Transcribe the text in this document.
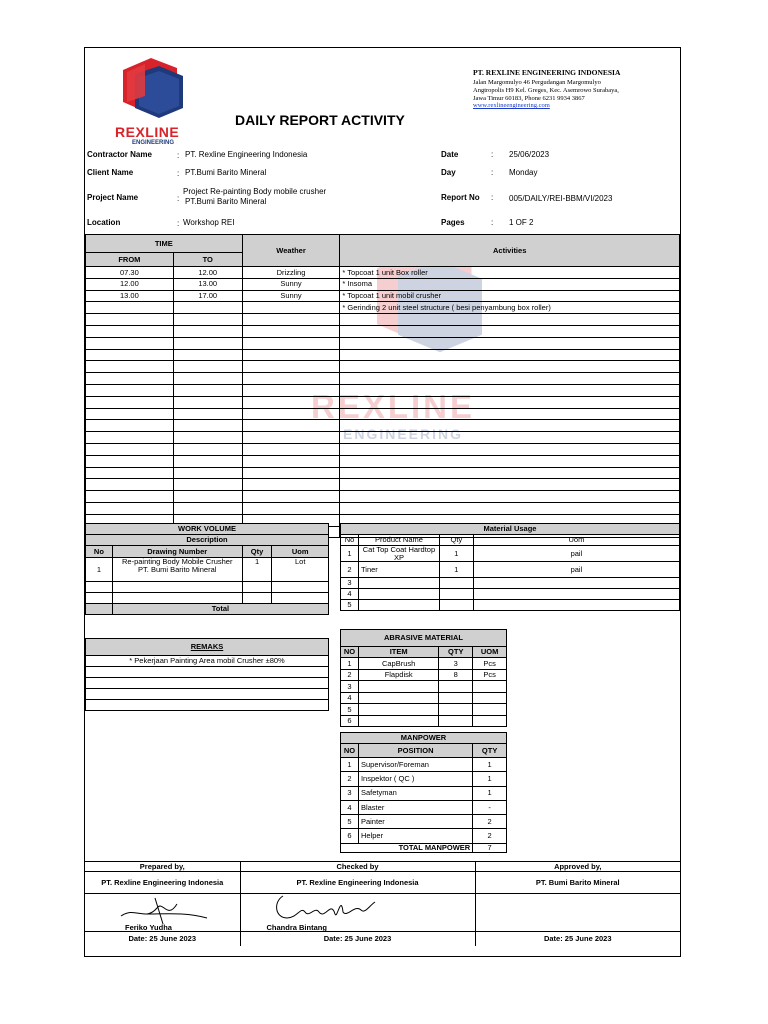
REXLINE
ENGINEERING
PT. REXLINE ENGINEERING INDONESIA
Jalan Margomulyo 46 Pergudangan Margomulyo
Angtropolis H9 Kel. Greges, Kec. Asemrowo Surabaya,
Jawa Timur 60183, Phone 6231 9934 3867
www.rexlineengineering.com
DAILY REPORT ACTIVITY
Contractor Name	: PT. Rexline Engineering Indonesia
Client Name	: PT.Bumi Barito Mineral
Project Name	:
Project Re-painting Body mobile crusher
PT.Bumi Barito Mineral
Location	: Workshop REI
Date	: 25/06/2023
Day	: Monday
Report No : 005/DAILY/REI-BBM/VI/2023
Pages	: 1 OF 2
REXLINE
ENGINEERING
TIME		Weather	Activities
FROM	TO		
07.30	12.00	Drizzling	* Topcoat 1 unit Box roller
12.00	13.00	Sunny	* Insoma
13.00	17.00	Sunny	* Topcoat 1 unit mobil crusher
			* Gerinding 2 unit steel structure ( besi penyambung box roller)

WORK VOLUME			
Description			
No	Drawing Number	Qty	Uom
1	Re-painting Body Mobile Crusher
PT. Bumi Barito Mineral	1	Lot

	Total		
REMAKS
* Pekerjaan Painting Area mobil Crusher ±80%

Material Usage			
No	Product Name	Qty	Uom
1	Cat Top Coat Hardtop
XP	1	pail
2	Tiner	1	pail
3	

4	

5	

ABRASIVE MATERIAL			
NO	ITEM	QTY	UOM
1	CapBrush	3	Pcs
2	Flapdisk	8	Pcs
3			
4			
5			
6			
MANPOWER		
NO	POSITION	QTY
1	Supervisor/Foreman	1
2	Inspektor ( QC )	1
3	Safetyman	1
4	Blaster	-
5	Painter	2
6	Helper	2
TOTAL MANPOWER		7
Prepared by,	Checked by	Approved by,
PT. Rexline Engineering Indonesia	PT. Rexline Engineering Indonesia	PT. Bumi Barito Mineral

Feriko Yudha	Chandra Bintang	

Date: 25 June 2023	Date: 25 June 2023	Date: 25 June 2023
